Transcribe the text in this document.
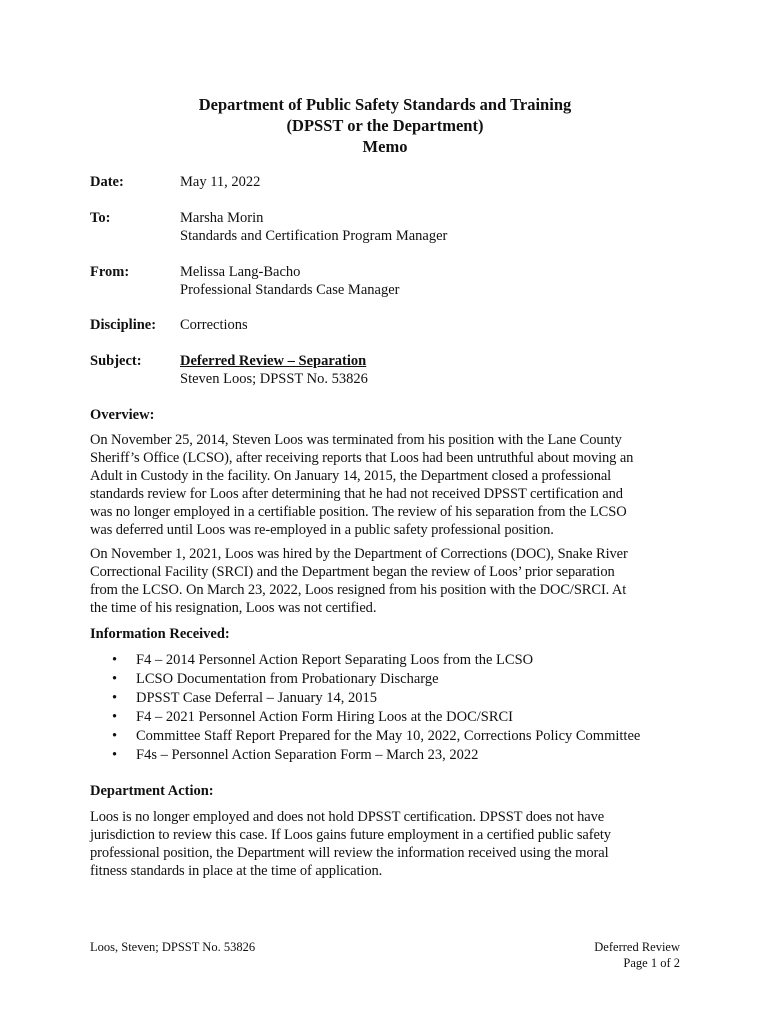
Department of Public Safety Standards and Training
(DPSST or the Department)
Memo
Date:	May 11, 2022
To:	Marsha Morin
Standards and Certification Program Manager
From:	Melissa Lang-Bacho
Professional Standards Case Manager
Discipline: Corrections
Subject:	Deferred Review – Separation
Steven Loos; DPSST No. 53826
Overview:
On November 25, 2014, Steven Loos was terminated from his position with the Lane County
Sheriff’s Office (LCSO), after receiving reports that Loos had been untruthful about moving an
Adult in Custody in the facility. On January 14, 2015, the Department closed a professional
standards review for Loos after determining that he had not received DPSST certification and
was no longer employed in a certifiable position. The review of his separation from the LCSO
was deferred until Loos was re-employed in a public safety professional position.
On November 1, 2021, Loos was hired by the Department of Corrections (DOC), Snake River
Correctional Facility (SRCI) and the Department began the review of Loos’ prior separation
from the LCSO. On March 23, 2022, Loos resigned from his position with the DOC/SRCI. At
the time of his resignation, Loos was not certified.
Information Received:
• F4 – 2014 Personnel Action Report Separating Loos from the LCSO
• LCSO Documentation from Probationary Discharge
• DPSST Case Deferral – January 14, 2015
• F4 – 2021 Personnel Action Form Hiring Loos at the DOC/SRCI
• Committee Staff Report Prepared for the May 10, 2022, Corrections Policy Committee
• F4s – Personnel Action Separation Form – March 23, 2022
Department Action:
Loos is no longer employed and does not hold DPSST certification. DPSST does not have
jurisdiction to review this case. If Loos gains future employment in a certified public safety
professional position, the Department will review the information received using the moral
fitness standards in place at the time of application.
Loos, Steven; DPSST No. 53826	Deferred Review
Page 1 of 2
